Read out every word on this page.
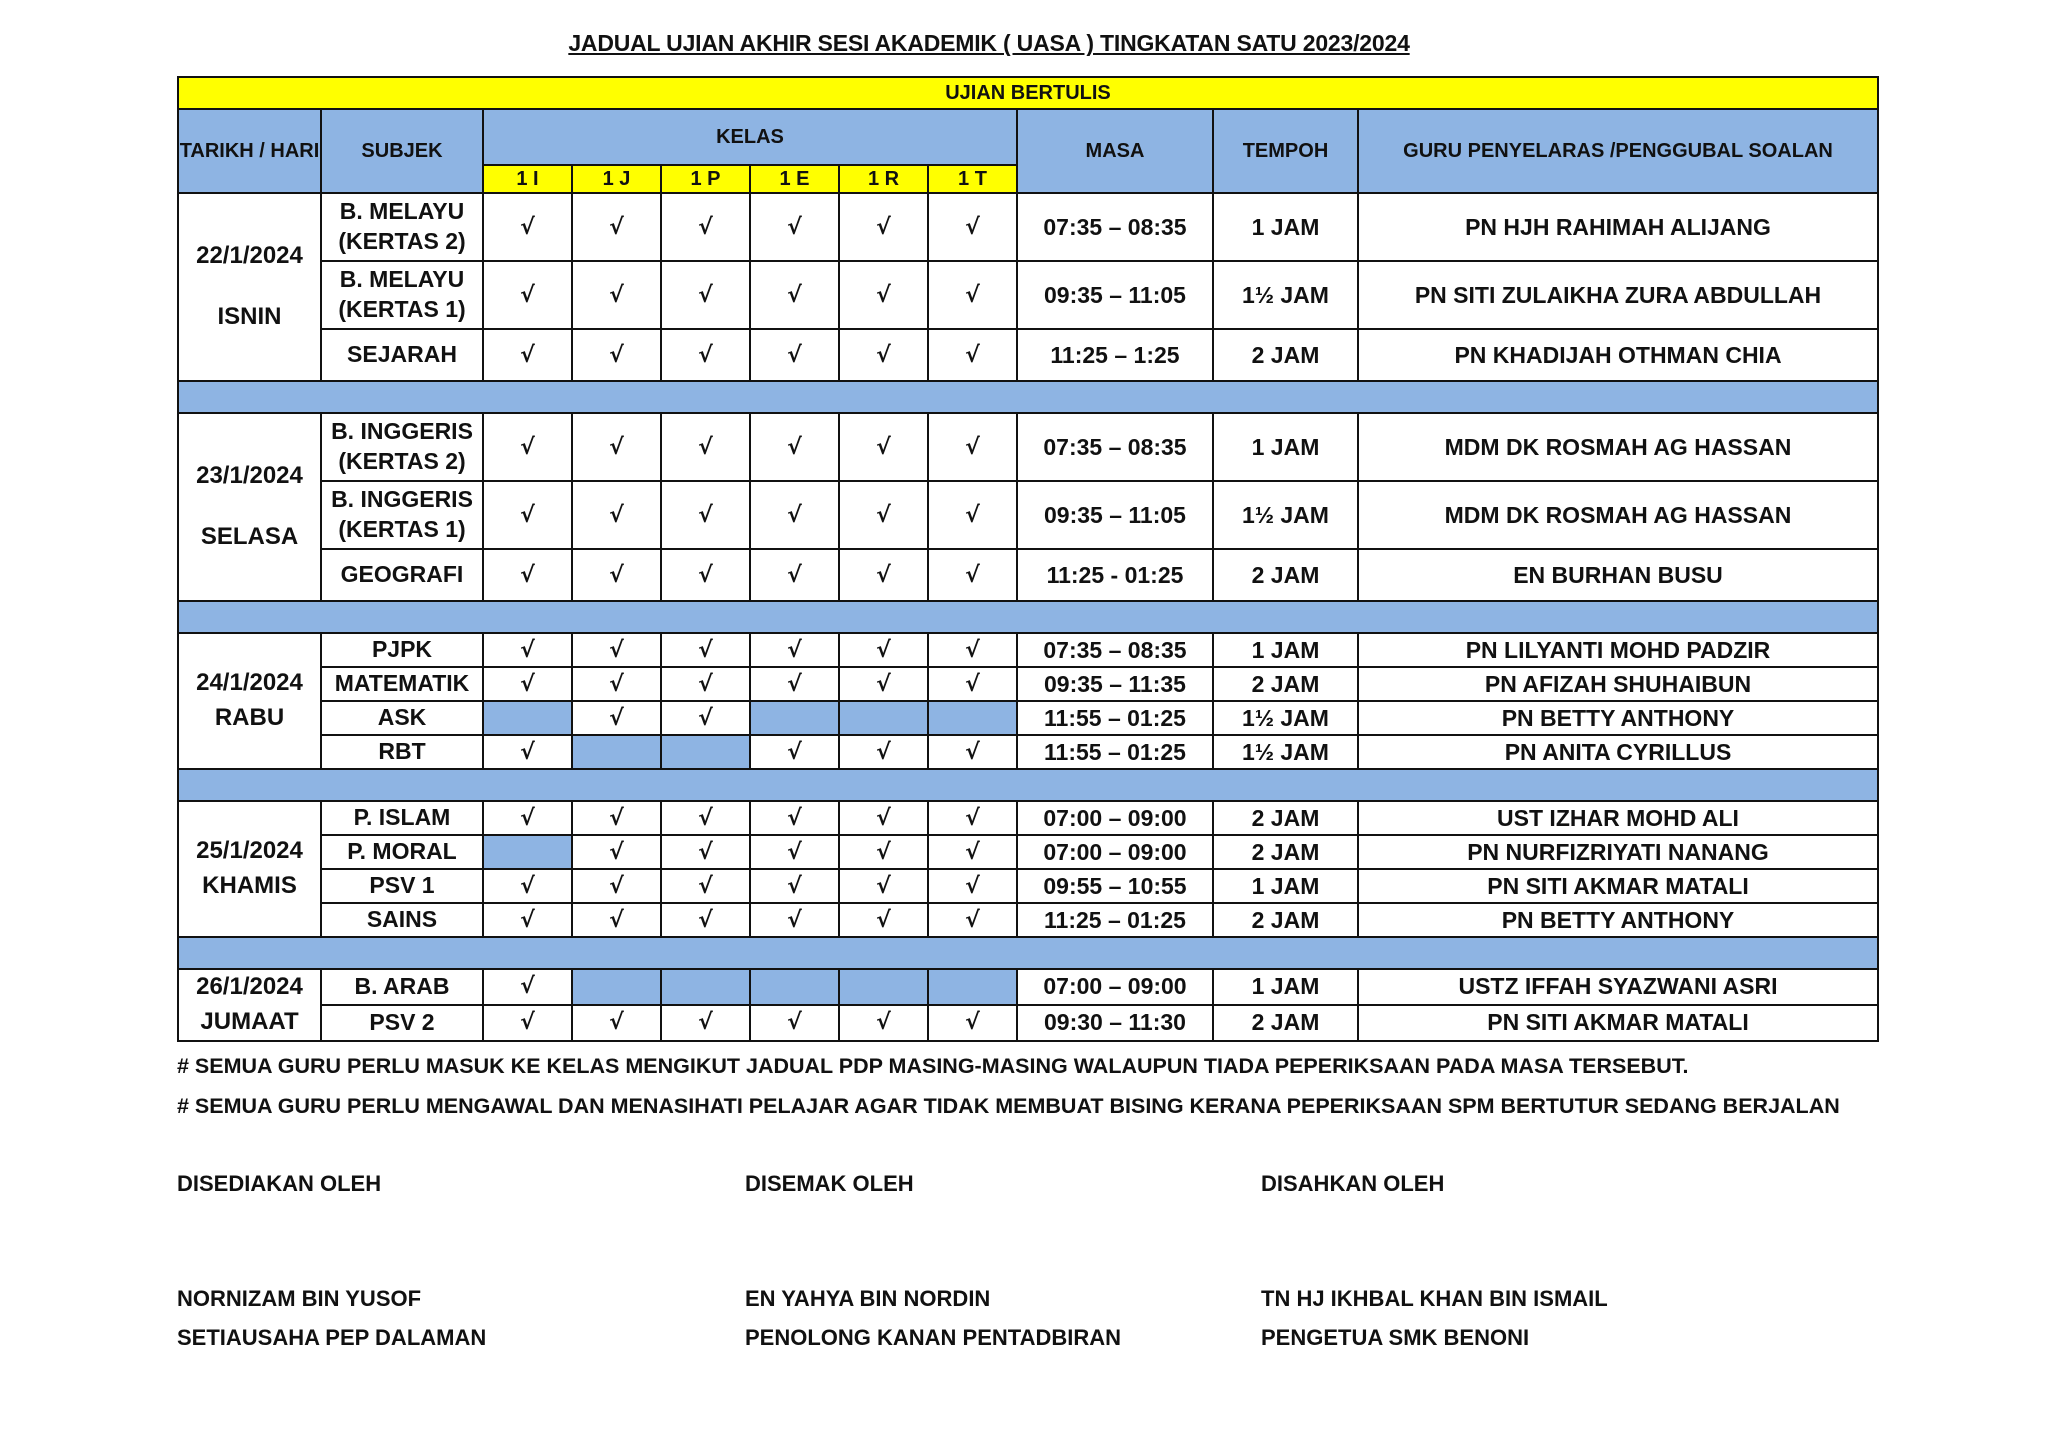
JADUAL UJIAN AKHIR SESI AKADEMIK ( UASA ) TINGKATAN SATU 2023/2024
UJIAN BERTULIS										
TARIKH / HARI	SUBJEK	KELAS						MASA	TEMPOH	GURU PENYELARAS /PENGGUBAL SOALAN
		1 I	1 J	1 P	1 E	1 R	1 T			

22/1/2024
ISNIN	B. MELAYU (KERTAS 2)	√	√	√	√	√	√	07:35 – 08:35	1 JAM	PN HJH RAHIMAH ALIJANG
	B. MELAYU (KERTAS 1)	√	√	√	√	√	√	09:35 – 11:05	1½ JAM	PN SITI ZULAIKHA ZURA ABDULLAH
	SEJARAH	√	√	√	√	√	√	11:25 – 1:25	2 JAM	PN KHADIJAH OTHMAN CHIA

23/1/2024
SELASA	B. INGGERIS (KERTAS 2)	√	√	√	√	√	√	07:35 – 08:35	1 JAM	MDM DK ROSMAH AG HASSAN
	B. INGGERIS (KERTAS 1)	√	√	√	√	√	√	09:35 – 11:05	1½ JAM	MDM DK ROSMAH AG HASSAN
	GEOGRAFI	√	√	√	√	√	√	11:25 - 01:25	2 JAM	EN BURHAN BUSU

24/1/2024
RABU	PJPK	√	√	√	√	√	√	07:35 – 08:35	1 JAM	PN LILYANTI MOHD PADZIR
	MATEMATIK	√	√	√	√	√	√	09:35 – 11:35	2 JAM	PN AFIZAH SHUHAIBUN
	ASK		√	√				11:55 – 01:25	1½ JAM	PN BETTY ANTHONY
	RBT	√			√	√	√	11:55 – 01:25	1½ JAM	PN ANITA CYRILLUS

25/1/2024
KHAMIS	P. ISLAM	√	√	√	√	√	√	07:00 – 09:00	2 JAM	UST IZHAR MOHD ALI
	P. MORAL		√	√	√	√	√	07:00 – 09:00	2 JAM	PN NURFIZRIYATI NANANG
	PSV 1	√	√	√	√	√	√	09:55 – 10:55	1 JAM	PN SITI AKMAR MATALI
	SAINS	√	√	√	√	√	√	11:25 – 01:25	2 JAM	PN BETTY ANTHONY

26/1/2024
JUMAAT	B. ARAB	√						07:00 – 09:00	1 JAM	USTZ IFFAH SYAZWANI ASRI
	PSV 2	√	√	√	√	√	√	09:30 – 11:30	2 JAM	PN SITI AKMAR MATALI
# SEMUA GURU PERLU MASUK KE KELAS MENGIKUT JADUAL PDP MASING-MASING WALAUPUN TIADA PEPERIKSAAN PADA MASA TERSEBUT.
# SEMUA GURU PERLU MENGAWAL DAN MENASIHATI PELAJAR AGAR TIDAK MEMBUAT BISING KERANA PEPERIKSAAN SPM BERTUTUR SEDANG BERJALAN
DISEDIAKAN OLEH	DISEMAK OLEH	DISAHKAN OLEH
NORNIZAM BIN YUSOF	EN YAHYA BIN NORDIN	TN HJ IKHBAL KHAN BIN ISMAIL
SETIAUSAHA PEP DALAMAN	PENOLONG KANAN PENTADBIRAN	PENGETUA SMK BENONI
